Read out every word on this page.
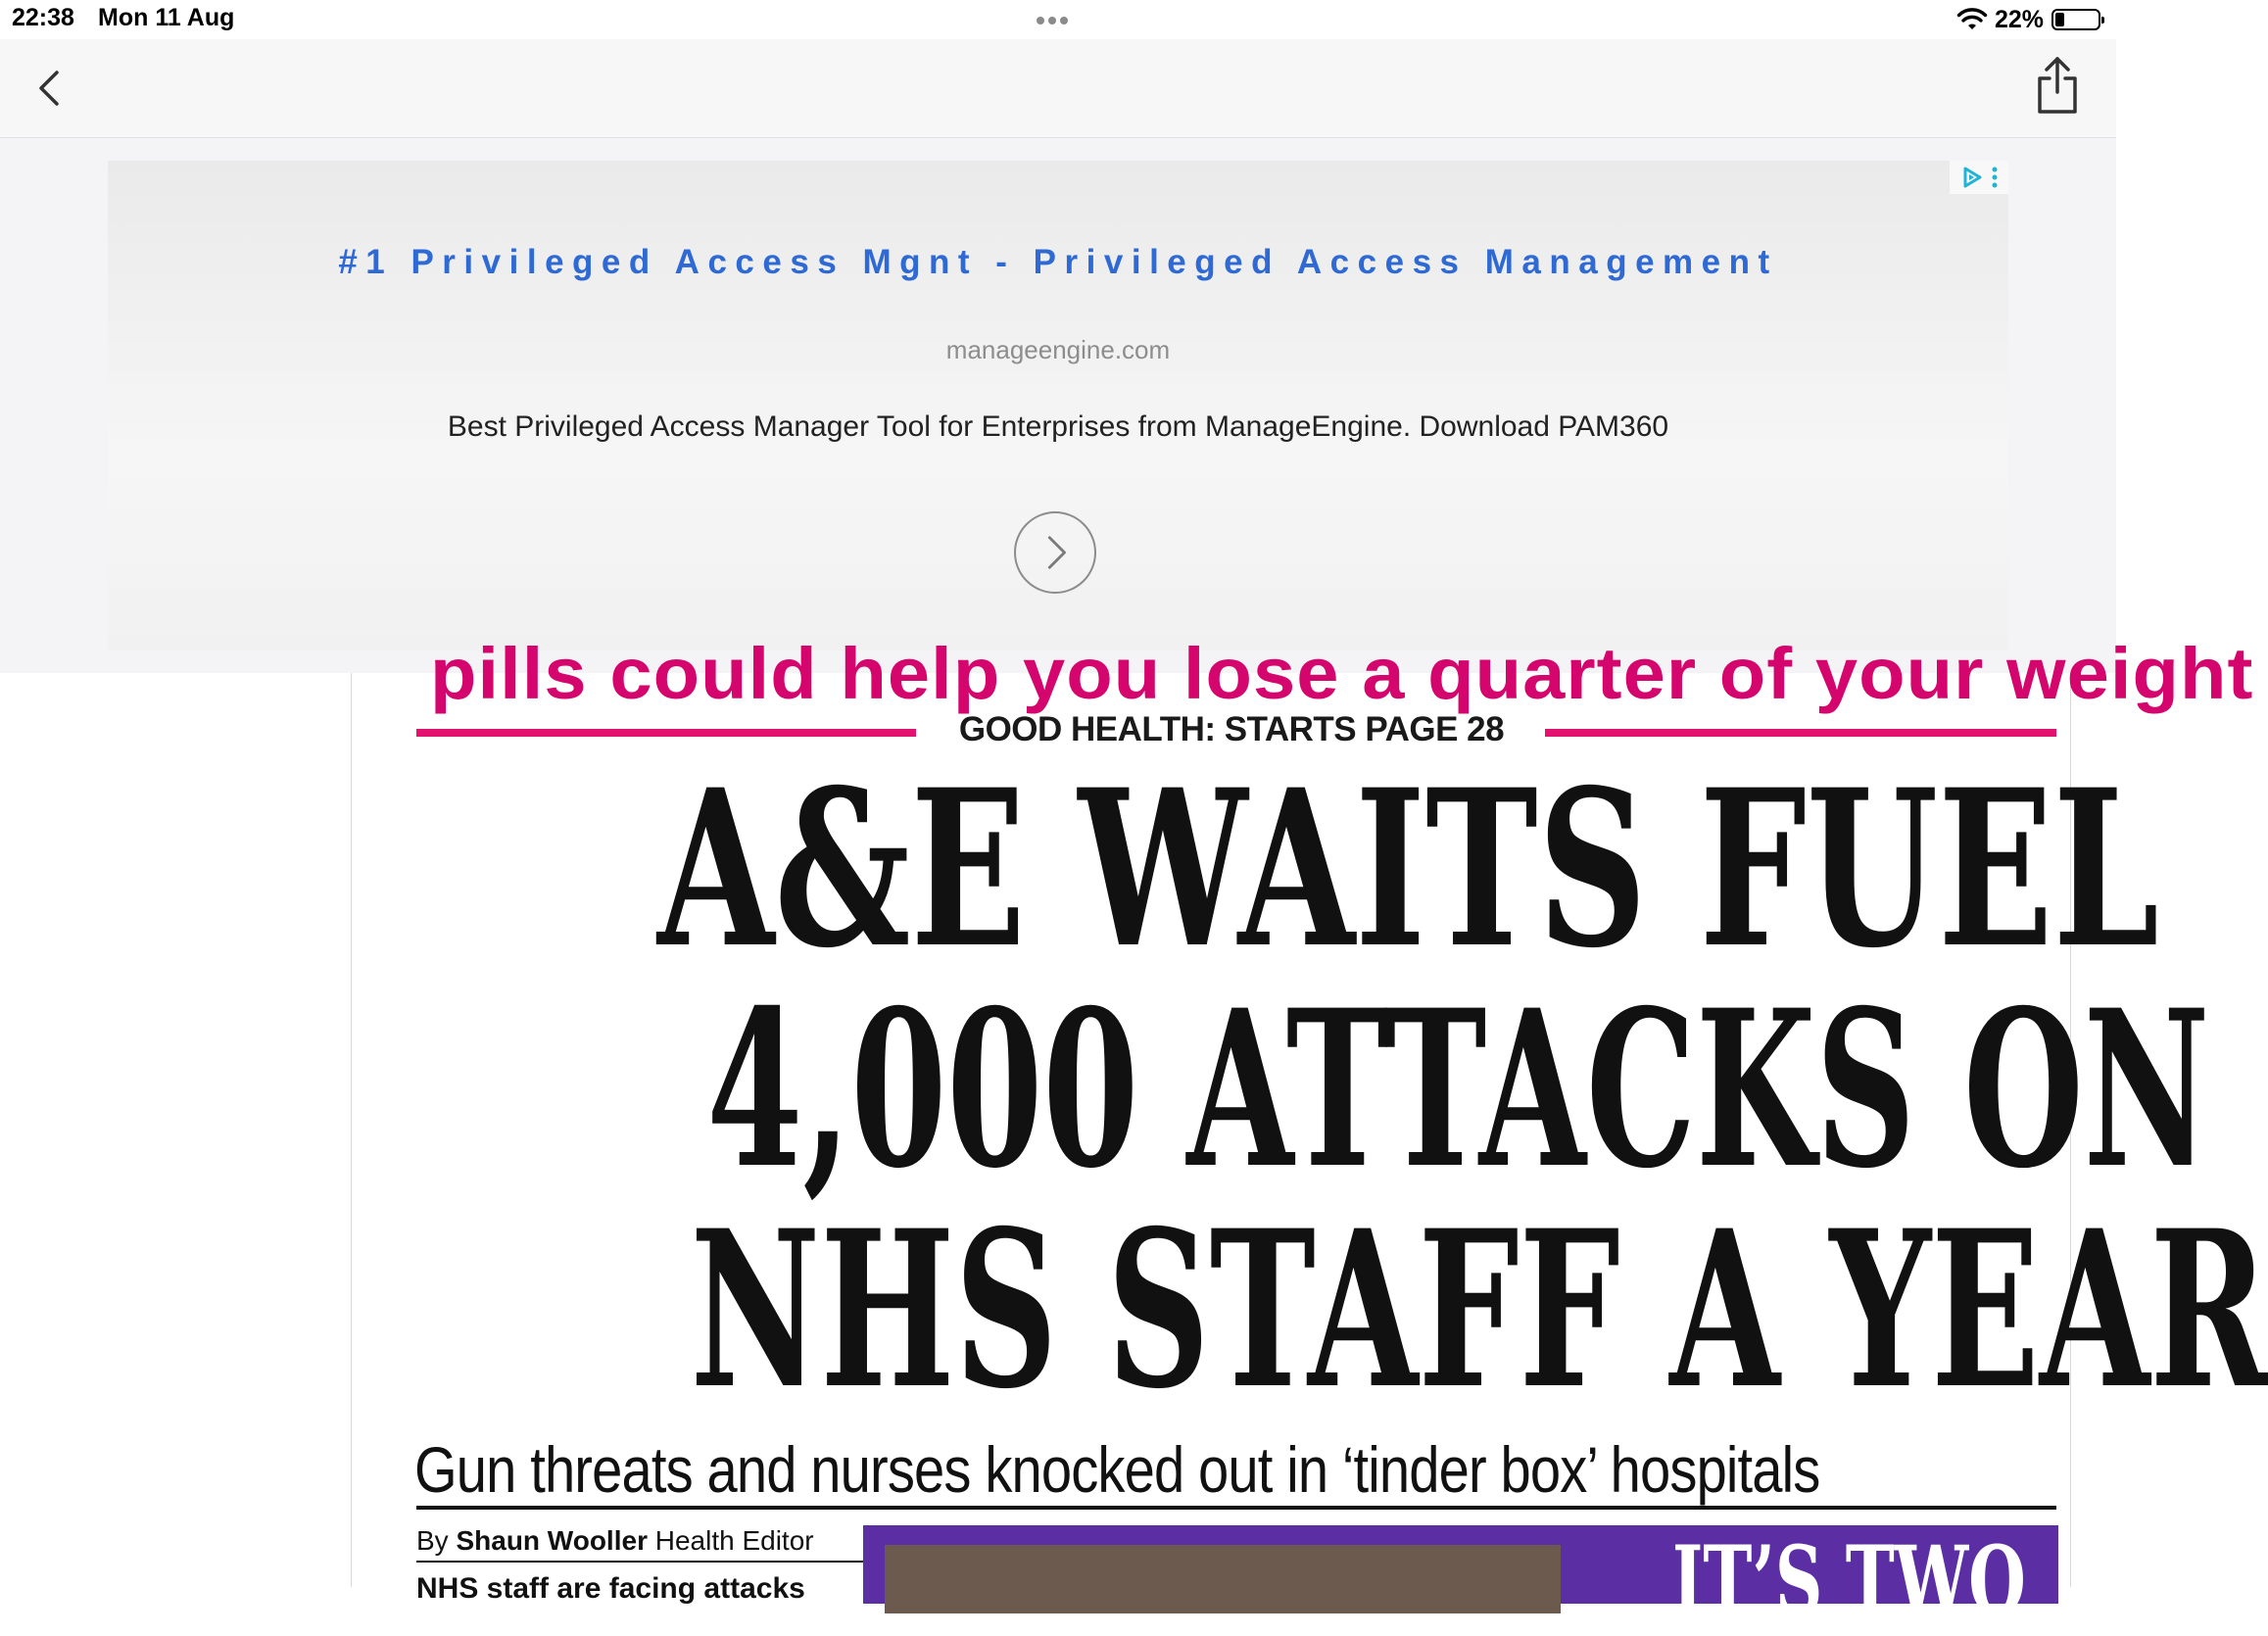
22:38 Mon 11 Aug	22%
#1 Privileged Access Mgnt - Privileged Access Management
manageengine.com
Best Privileged Access Manager Tool for Enterprises from ManageEngine. Download PAM360
pills could help you lose a quarter of your weight
GOOD HEALTH: STARTS PAGE 28
A&E WAITS FUEL
4,000 ATTACKS ON
NHS STAFF A YEAR
Gun threats and nurses knocked out in ‘tinder box’ hospitals
By Shaun Wooller Health Editor
NHS staff are facing attacks	IT’S TWO
